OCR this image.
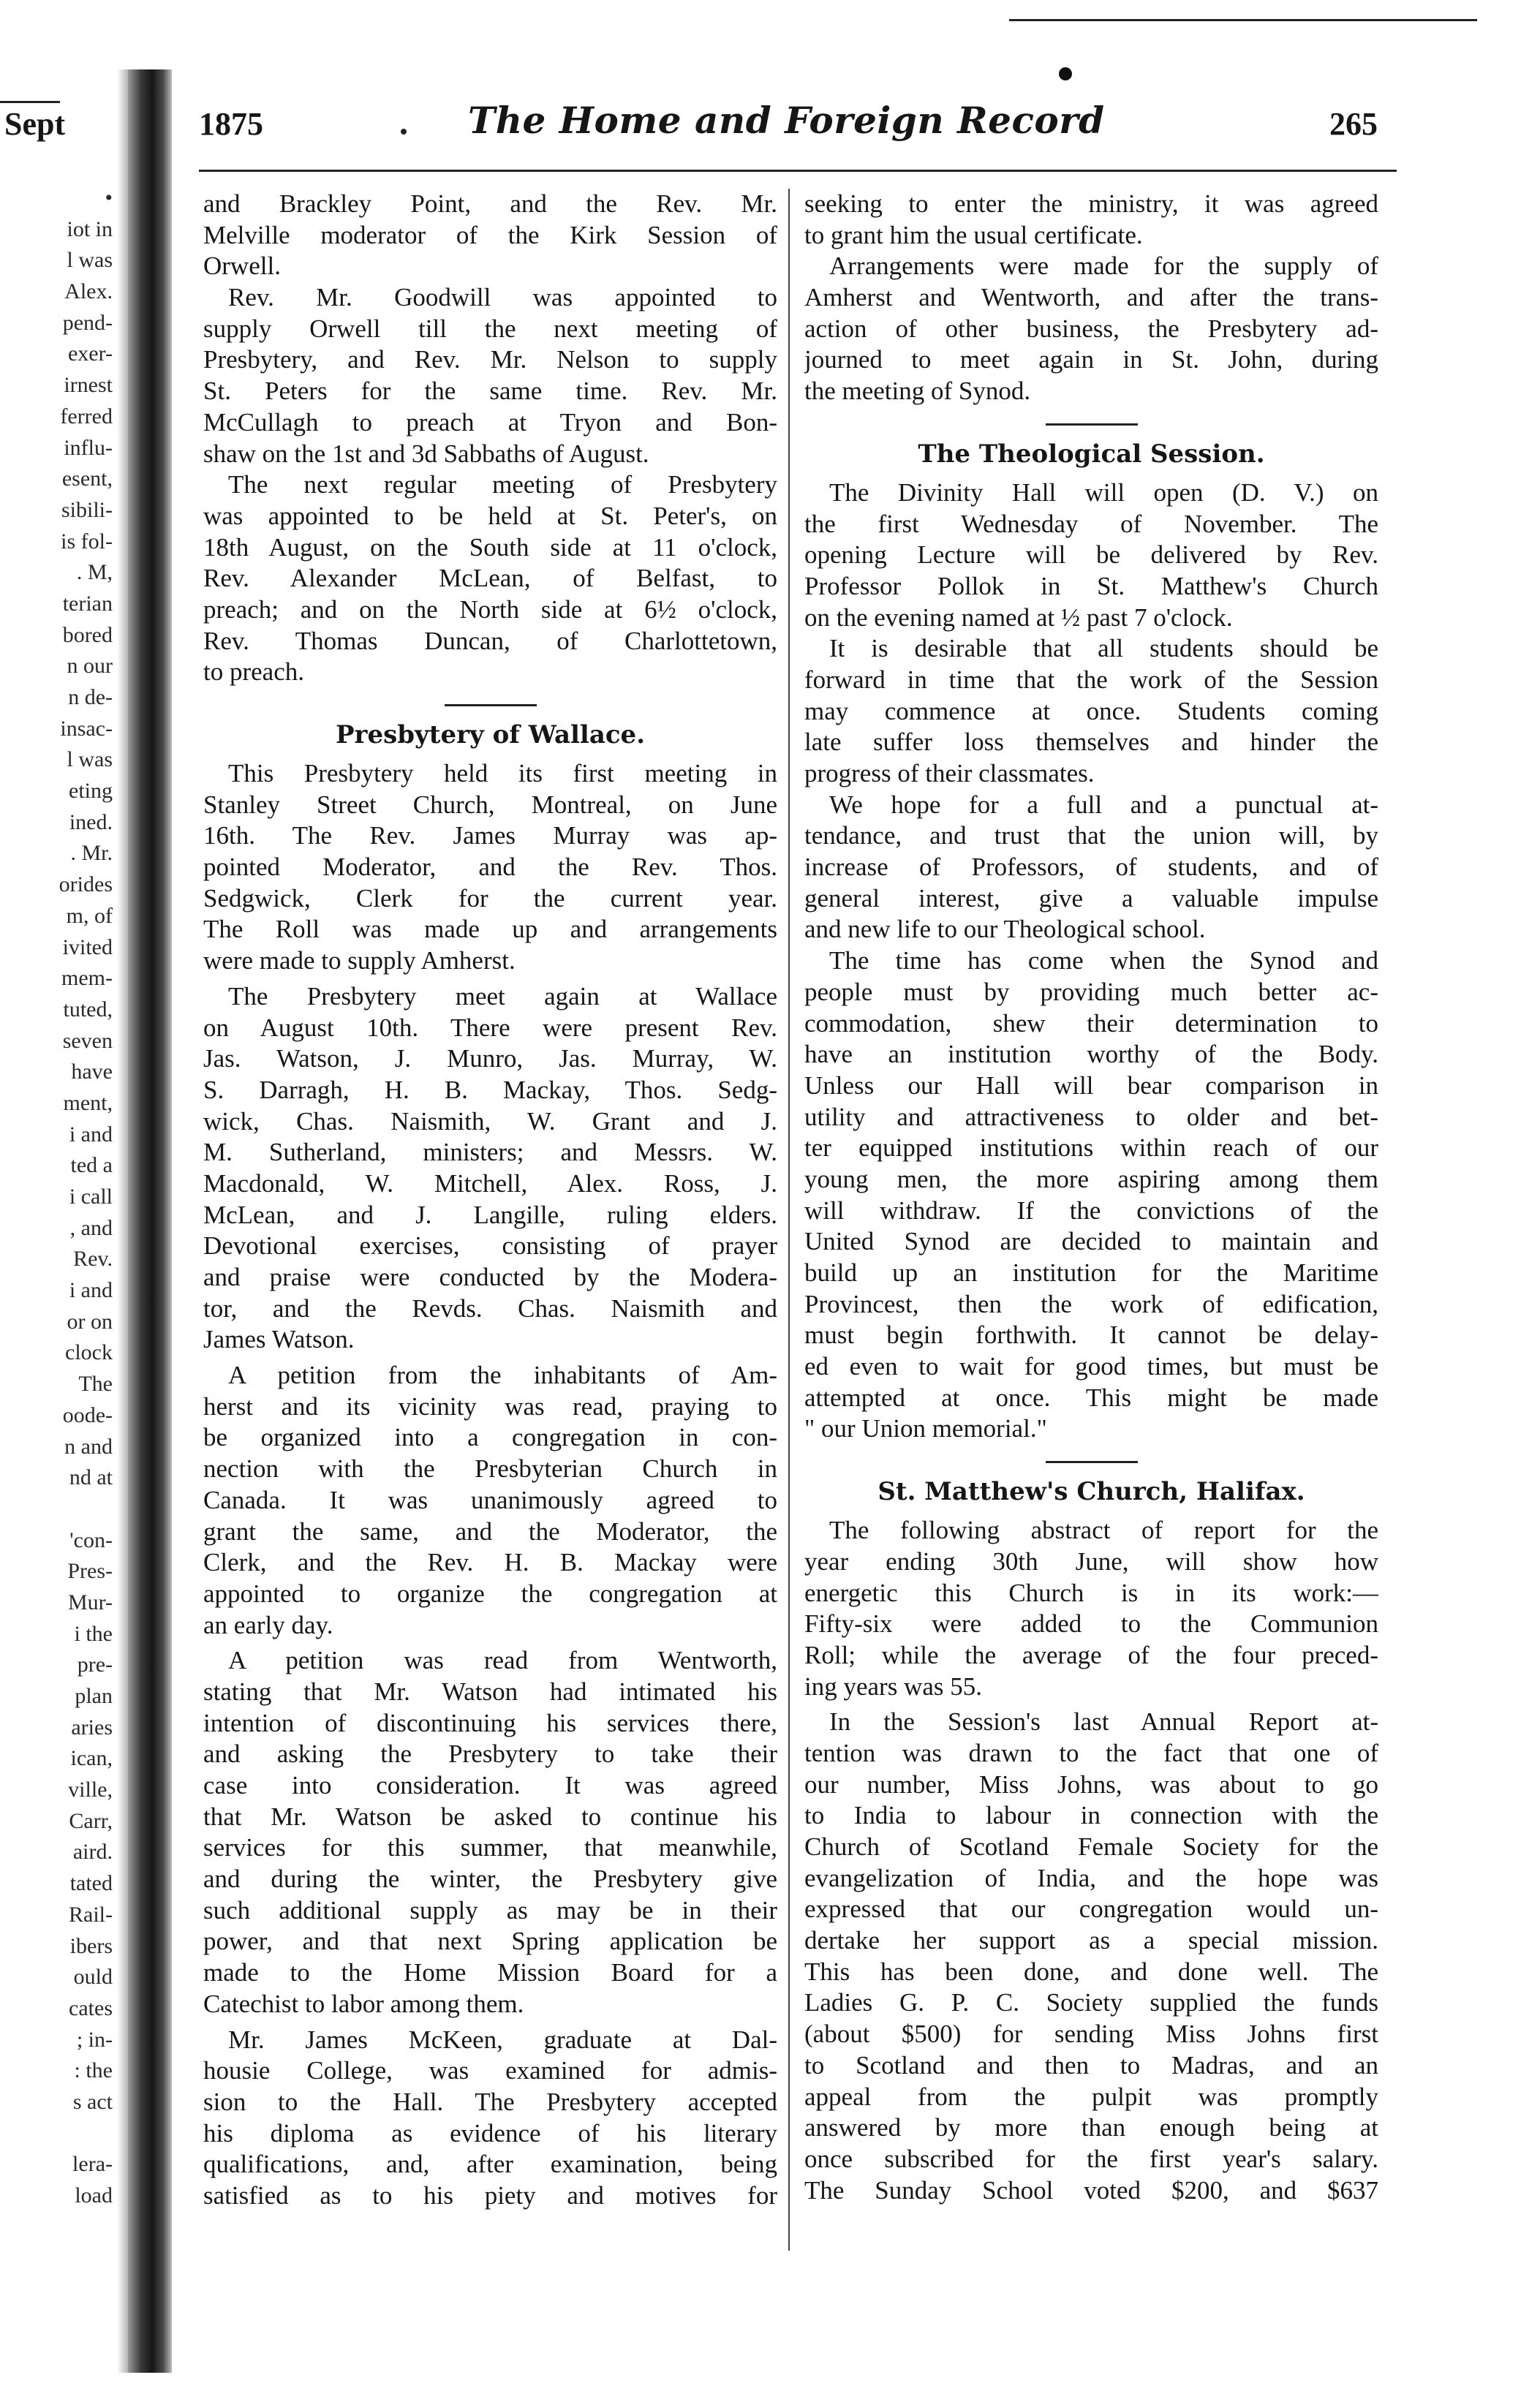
Sept	1875	The Home and Foreign Record	265
•
iot in
l was
Alex.
pend-
exer-
irnest
ferred
influ-
esent,
sibili-
is fol-
. M,
terian
bored
n our
n de-
insac-
l was
eting
ined.
. Mr.
orides
m, of
ivited
mem-
tuted,
seven
have
ment,
i and
ted a
i call
, and
Rev.
i and
or on
clock
The
oode-
n and
nd at
'con-
Pres-
Mur-
i the
pre-
plan
aries
ican,
ville,
Carr,
aird.
tated
Rail-
ibers
ould
cates
; in-
: the
s act
lera-
load
and Brackley Point, and the Rev. Mr.
Melville moderator of the Kirk Session of
Orwell.
Rev. Mr. Goodwill was appointed to
supply Orwell till the next meeting of
Presbytery, and Rev. Mr. Nelson to supply
St. Peters for the same time. Rev. Mr.
McCullagh to preach at Tryon and Bon-
shaw on the 1st and 3d Sabbaths of August.
The next regular meeting of Presbytery
was appointed to be held at St. Peter's, on
18th August, on the South side at 11 o'clock,
Rev. Alexander McLean, of Belfast, to
preach; and on the North side at 6½ o'clock,
Rev. Thomas Duncan, of Charlottetown,
to preach.
Presbytery of Wallace.
This Presbytery held its first meeting in
Stanley Street Church, Montreal, on June
16th. The Rev. James Murray was ap-
pointed Moderator, and the Rev. Thos.
Sedgwick, Clerk for the current year.
The Roll was made up and arrangements
were made to supply Amherst.
The Presbytery meet again at Wallace
on August 10th. There were present Rev.
Jas. Watson, J. Munro, Jas. Murray, W.
S. Darragh, H. B. Mackay, Thos. Sedg-
wick, Chas. Naismith, W. Grant and J.
M. Sutherland, ministers; and Messrs. W.
Macdonald, W. Mitchell, Alex. Ross, J.
McLean, and J. Langille, ruling elders.
Devotional exercises, consisting of prayer
and praise were conducted by the Modera-
tor, and the Revds. Chas. Naismith and
James Watson.
A petition from the inhabitants of Am-
herst and its vicinity was read, praying to
be organized into a congregation in con-
nection with the Presbyterian Church in
Canada. It was unanimously agreed to
grant the same, and the Moderator, the
Clerk, and the Rev. H. B. Mackay were
appointed to organize the congregation at
an early day.
A petition was read from Wentworth,
stating that Mr. Watson had intimated his
intention of discontinuing his services there,
and asking the Presbytery to take their
case into consideration. It was agreed
that Mr. Watson be asked to continue his
services for this summer, that meanwhile,
and during the winter, the Presbytery give
such additional supply as may be in their
power, and that next Spring application be
made to the Home Mission Board for a
Catechist to labor among them.
Mr. James McKeen, graduate at Dal-
housie College, was examined for admis-
sion to the Hall. The Presbytery accepted
his diploma as evidence of his literary
qualifications, and, after examination, being
satisfied as to his piety and motives for
seeking to enter the ministry, it was agreed
to grant him the usual certificate.
Arrangements were made for the supply of
Amherst and Wentworth, and after the trans-
action of other business, the Presbytery ad-
journed to meet again in St. John, during
the meeting of Synod.
The Theological Session.
The Divinity Hall will open (D. V.) on
the first Wednesday of November. The
opening Lecture will be delivered by Rev.
Professor Pollok in St. Matthew's Church
on the evening named at ½ past 7 o'clock.
It is desirable that all students should be
forward in time that the work of the Session
may commence at once. Students coming
late suffer loss themselves and hinder the
progress of their classmates.
We hope for a full and a punctual at-
tendance, and trust that the union will, by
increase of Professors, of students, and of
general interest, give a valuable impulse
and new life to our Theological school.
The time has come when the Synod and
people must by providing much better ac-
commodation, shew their determination to
have an institution worthy of the Body.
Unless our Hall will bear comparison in
utility and attractiveness to older and bet-
ter equipped institutions within reach of our
young men, the more aspiring among them
will withdraw. If the convictions of the
United Synod are decided to maintain and
build up an institution for the Maritime
Provincest, then the work of edification,
must begin forthwith. It cannot be delay-
ed even to wait for good times, but must be
attempted at once. This might be made
" our Union memorial."
St. Matthew's Church, Halifax.
The following abstract of report for the
year ending 30th June, will show how
energetic this Church is in its work:—
Fifty-six were added to the Communion
Roll; while the average of the four preced-
ing years was 55.
In the Session's last Annual Report at-
tention was drawn to the fact that one of
our number, Miss Johns, was about to go
to India to labour in connection with the
Church of Scotland Female Society for the
evangelization of India, and the hope was
expressed that our congregation would un-
dertake her support as a special mission.
This has been done, and done well. The
Ladies G. P. C. Society supplied the funds
(about $500) for sending Miss Johns first
to Scotland and then to Madras, and an
appeal from the pulpit was promptly
answered by more than enough being at
once subscribed for the first year's salary.
The Sunday School voted $200, and $637
